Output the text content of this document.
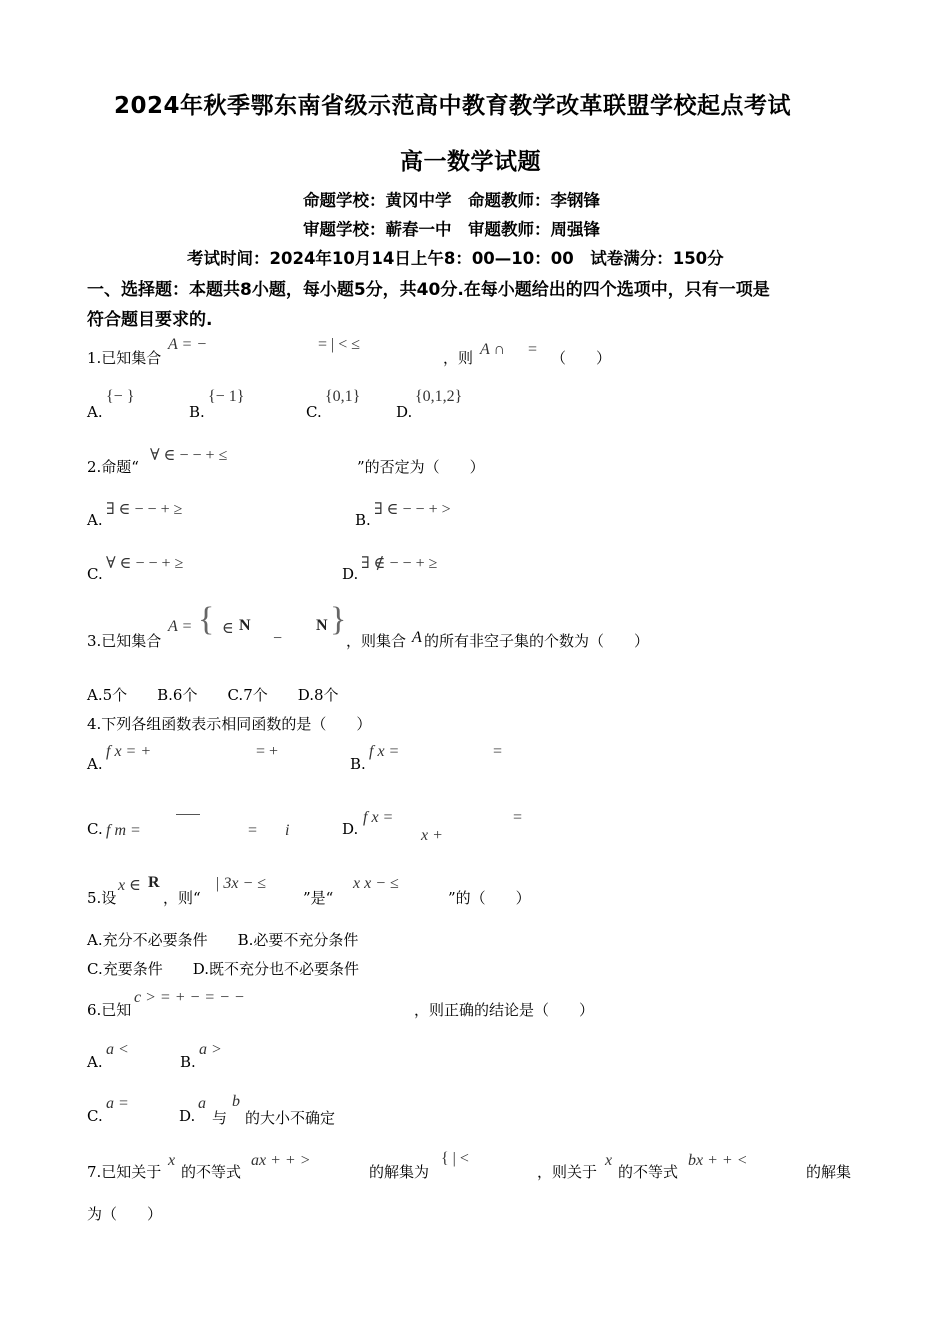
2024年秋季鄂东南省级示范高中教育教学改革联盟学校起点考试
高一数学试题
命题学校：黄冈中学　命题教师：李钢锋
审题学校：蕲春一中　审题教师：周强锋
考试时间：2024年10月14日上午8：00—10：00　试卷满分：150分
一、选择题：本题共8小题，每小题5分，共40分.在每小题给出的四个选项中，只有一项是
符合题目要求的.
1.已知集合
A = −	= | < ≤
，则 A ∩ = （　　）
A.
{− }
B.
{− 1}
C.
{0,1}
D.
{0,1,2}
2.命题“
∀ ∈ − − + ≤
”的否定为（　　）
A.
∃ ∈ − − + ≥
B.
∃ ∈ − − + >
C.
∀ ∈ − − + ≥
D.
∃ ∉ − − + ≥
3.已知集合
A = { ∈ N
−
N }
，则集合 A 的所有非空子集的个数为（　　）
A.5个　　B.6个　　C.7个　　D.8个
4.下列各组函数表示相同函数的是（　　）
A.
f x = +	= +
B.
f x =	=
C. f m =	= i	D.
f x =
x +
=
5.设
x ∈ R
，则“
| 3x − ≤
”是“
x x − ≤
”的（　　）
A.充分不必要条件　　B.必要不充分条件
C.充要条件　　D.既不充分也不必要条件
6.已知
c > = + − = − −
，则正确的结论是（　　）
A.
a <
B.
a >
C.
a =
D.
a
与
b
的大小不确定
7.已知关于
x
的不等式
ax + + >
的解集为
{ | <
，则关于
x
的不等式
bx + + <
的解集
为（　　）
